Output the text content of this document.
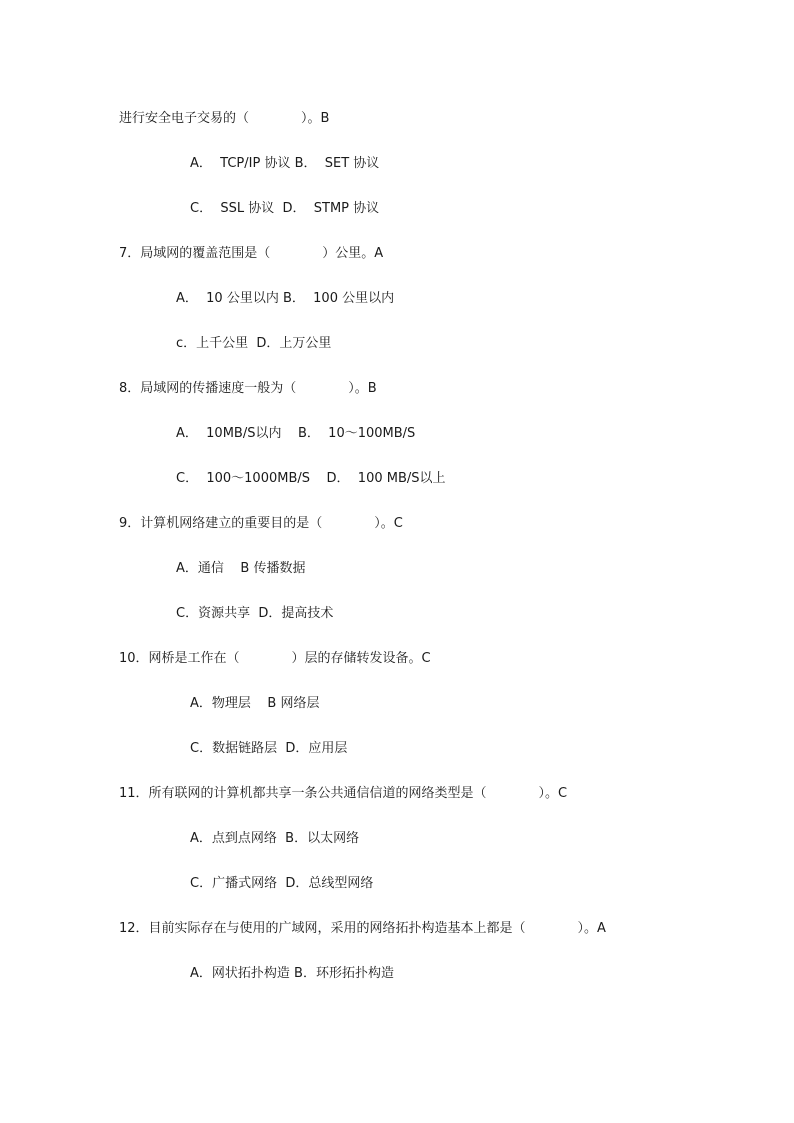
进行安全电子交易的（　　　　）。B
A．  TCP/IP 协议 B．  SET 协议
C．  SSL 协议  D．  STMP 协议
7．局域网的覆盖范围是（　　　　）公里。A
A．  10 公里以内 B．  100 公里以内
c．上千公里  D．上万公里
8．局域网的传播速度一般为（　　　　）。B
A．  10MB/S以内    B．  10～100MB/S
C．  100～1000MB/S    D．  100 MB/S以上
9．计算机网络建立的重要目的是（　　　　）。C
A．通信    B 传播数据
C．资源共享  D．提高技术
10．网桥是工作在（　　　　）层的存储转发设备。C
A．物理层    B 网络层
C．数据链路层  D．应用层
11．所有联网的计算机都共享一条公共通信信道的网络类型是（　　　　）。C
A．点到点网络  B．以太网络
C．广播式网络  D．总线型网络
12．目前实际存在与使用的广域网，采用的网络拓扑构造基本上都是（　　　　）。A
A．网状拓扑构造 B．环形拓扑构造
